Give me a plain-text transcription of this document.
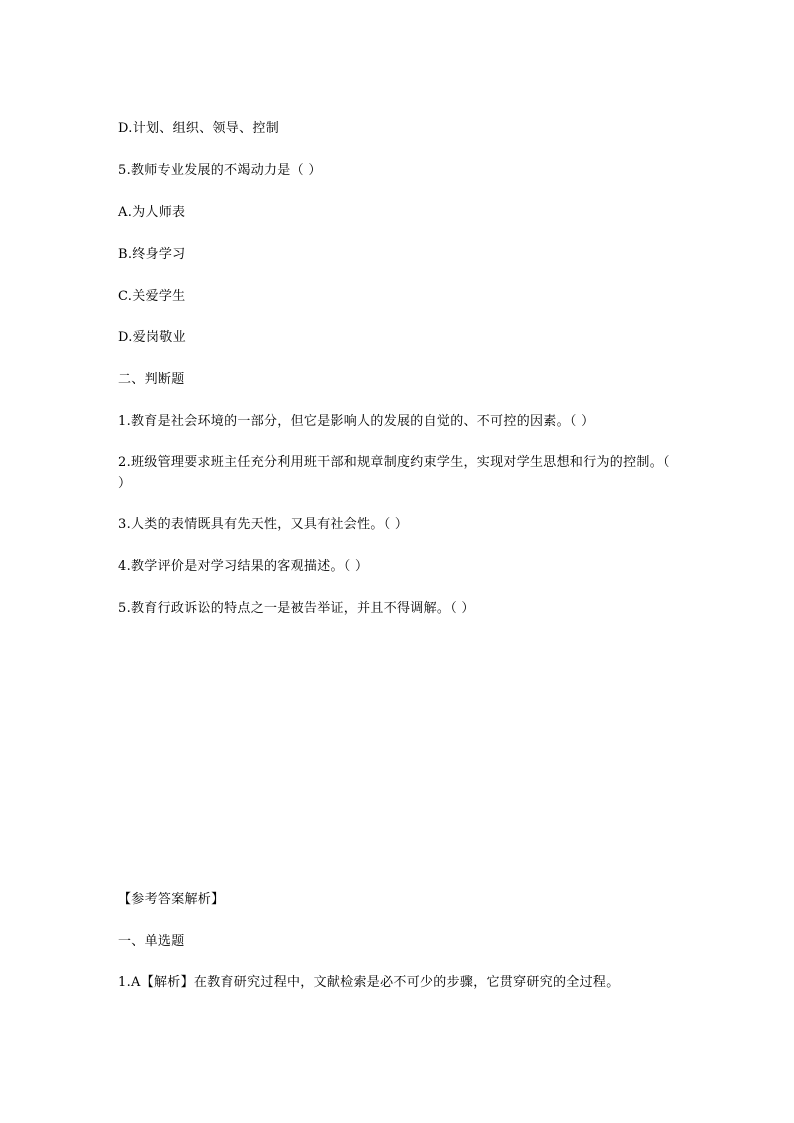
D.计划、组织、领导、控制
5.教师专业发展的不竭动力是（ ）
A.为人师表
B.终身学习
C.关爱学生
D.爱岗敬业
二、判断题
1.教育是社会环境的一部分，但它是影响人的发展的自觉的、不可控的因素。（ ）
2.班级管理要求班主任充分利用班干部和规章制度约束学生，实现对学生思想和行为的控制。（ ）
3.人类的表情既具有先天性，又具有社会性。（ ）
4.教学评价是对学习结果的客观描述。（ ）
5.教育行政诉讼的特点之一是被告举证，并且不得调解。（ ）
【参考答案解析】
一、单选题
1.A【解析】在教育研究过程中，文献检索是必不可少的步骤，它贯穿研究的全过程。
